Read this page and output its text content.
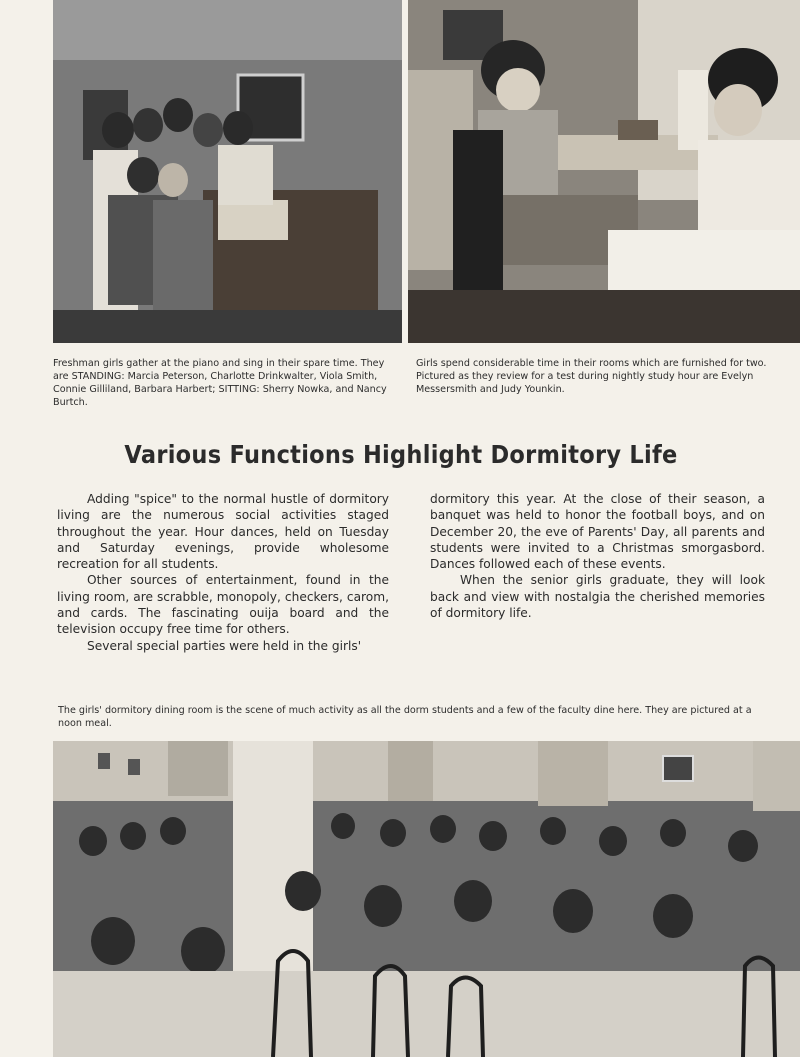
Freshman girls gather at the piano and sing in their spare time. They are STANDING: Marcia Peterson, Charlotte Drinkwalter, Viola Smith, Connie Gilliland, Barbara Harbert; SITTING: Sherry Nowka, and Nancy Burtch.
Girls spend considerable time in their rooms which are furnished for two. Pictured as they review for a test during nightly study hour are Evelyn Messersmith and Judy Younkin.
Various Functions Highlight Dormitory Life

Adding "spice" to the normal hustle of dormitory living are the numerous social activities staged throughout the year. Hour dances, held on Tuesday and Saturday evenings, provide wholesome recreation for all students.

Other sources of entertainment, found in the living room, are scrabble, monopoly, checkers, carom, and cards. The fascinating ouija board and the television occupy free time for others.

Several special parties were held in the girls'

dormitory this year. At the close of their season, a banquet was held to honor the football boys, and on December 20, the eve of Parents' Day, all parents and students were invited to a Christmas smorgasbord. Dances followed each of these events.

When the senior girls graduate, they will look back and view with nostalgia the cherished memories of dormitory life.

The girls' dormitory dining room is the scene of much activity as all the dorm students and a few of the faculty dine here. They are pictured at a noon meal.
